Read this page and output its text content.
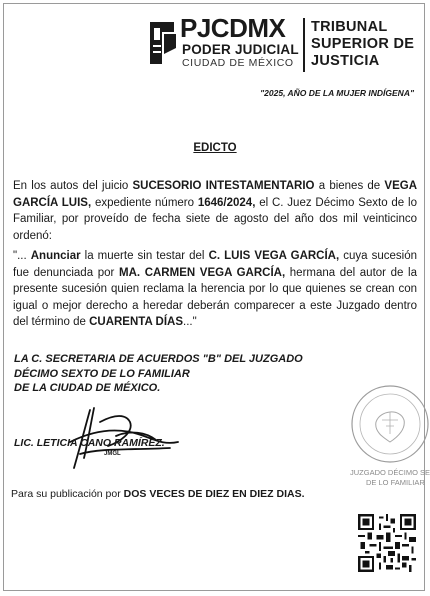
PJCDMX
PODER JUDICIAL
CIUDAD DE MÉXICO
TRIBUNAL
SUPERIOR DE
JUSTICIA
"2025, AÑO DE LA MUJER INDÍGENA"
EDICTO
En los autos del juicio SUCESORIO INTESTAMENTARIO a bienes de VEGA GARCÍA LUIS, expediente número 1646/2024, el C. Juez Décimo Sexto de lo Familiar, por proveído de fecha siete de agosto del año dos mil veinticinco ordenó:
"... Anunciar la muerte sin testar del C. LUIS VEGA GARCÍA, cuya sucesión fue denunciada por MA. CARMEN VEGA GARCÍA, hermana del autor de la presente sucesión quien reclama la herencia por lo que quienes se crean con igual o mejor derecho a heredar deberán comparecer a este Juzgado dentro del término de CUARENTA DÍAS..."
LA C. SECRETARIA DE ACUERDOS "B" DEL JUZGADO
DÉCIMO SEXTO DE LO FAMILIAR
DE LA CIUDAD DE MÉXICO.
LIC. LETICIA CANO RAMÍREZ.
JMGL
Para su publicación por DOS VECES DE DIEZ EN DIEZ DIAS.
JUZGADO DÉCIMO SE
DE LO FAMILIAR
